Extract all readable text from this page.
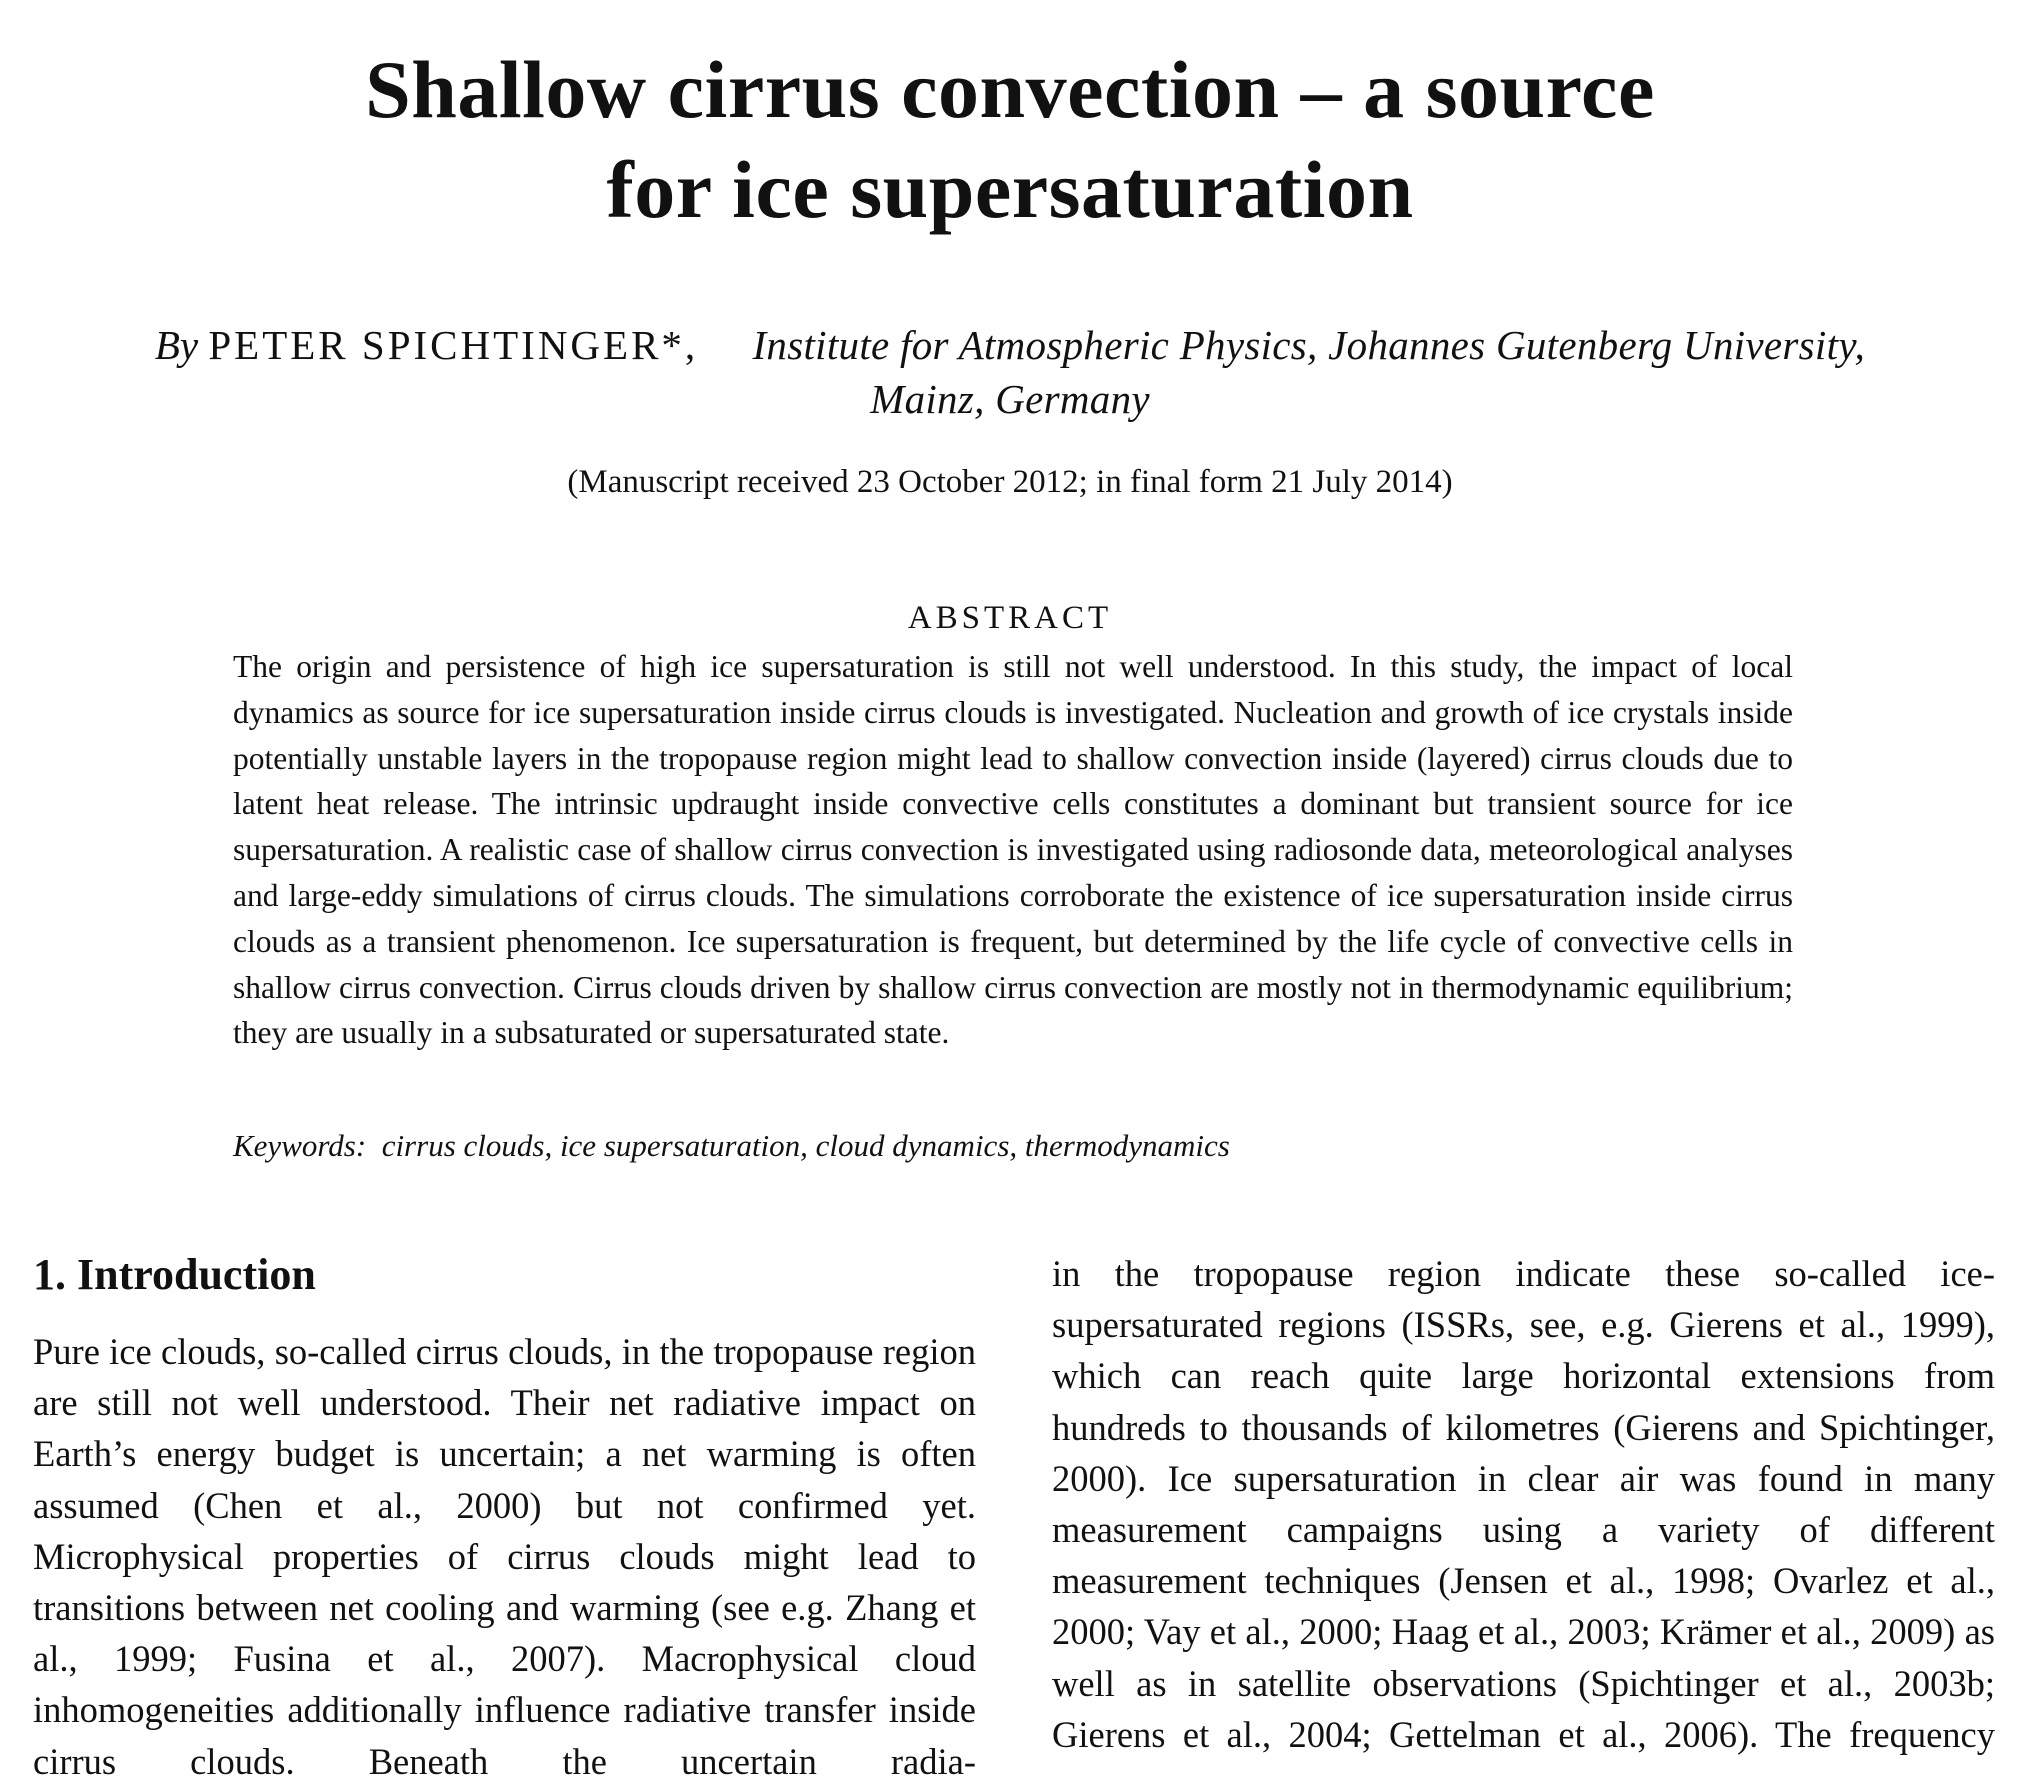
Shallow cirrus convection – a source
for ice supersaturation
By PETER SPICHTINGER*, Institute for Atmospheric Physics, Johannes Gutenberg University,
Mainz, Germany
(Manuscript received 23 October 2012; in final form 21 July 2014)
ABSTRACT
The origin and persistence of high ice supersaturation is still not well understood. In this study, the impact of local dynamics as source for ice supersaturation inside cirrus clouds is investigated. Nucleation and growth of ice crystals inside potentially unstable layers in the tropopause region might lead to shallow convection inside (layered) cirrus clouds due to latent heat release. The intrinsic updraught inside convective cells constitutes a dominant but transient source for ice supersaturation. A realistic case of shallow cirrus convection is investigated using radiosonde data, meteorological analyses and large-eddy simulations of cirrus clouds. The simulations corroborate the existence of ice supersaturation inside cirrus clouds as a transient phenomenon. Ice supersaturation is frequent, but determined by the life cycle of convective cells in shallow cirrus convection. Cirrus clouds driven by shallow cirrus convection are mostly not in thermodynamic equilibrium; they are usually in a subsaturated or supersaturated state.
Keywords: cirrus clouds, ice supersaturation, cloud dynamics, thermodynamics
1. Introduction
Pure ice clouds, so-called cirrus clouds, in the tropopause region are still not well understood. Their net radiative impact on Earth’s energy budget is uncertain; a net warming is often assumed (Chen et al., 2000) but not confirmed yet. Microphysical properties of cirrus clouds might lead to transitions between net cooling and warming (see e.g. Zhang et al., 1999; Fusina et al., 2007). Macrophysical cloud inhomogeneities additionally influence radiative transfer inside cirrus clouds. Beneath the uncertain radia-
in the tropopause region indicate these so-called ice-supersaturated regions (ISSRs, see, e.g. Gierens et al., 1999), which can reach quite large horizontal extensions from hundreds to thousands of kilometres (Gierens and Spichtinger, 2000). Ice supersaturation in clear air was found in many measurement campaigns using a variety of different measurement techniques (Jensen et al., 1998; Ovarlez et al., 2000; Vay et al., 2000; Haag et al., 2003; Krämer et al., 2009) as well as in satellite observations (Spichtinger et al., 2003b; Gierens et al., 2004; Gettelman et al., 2006). The frequency
